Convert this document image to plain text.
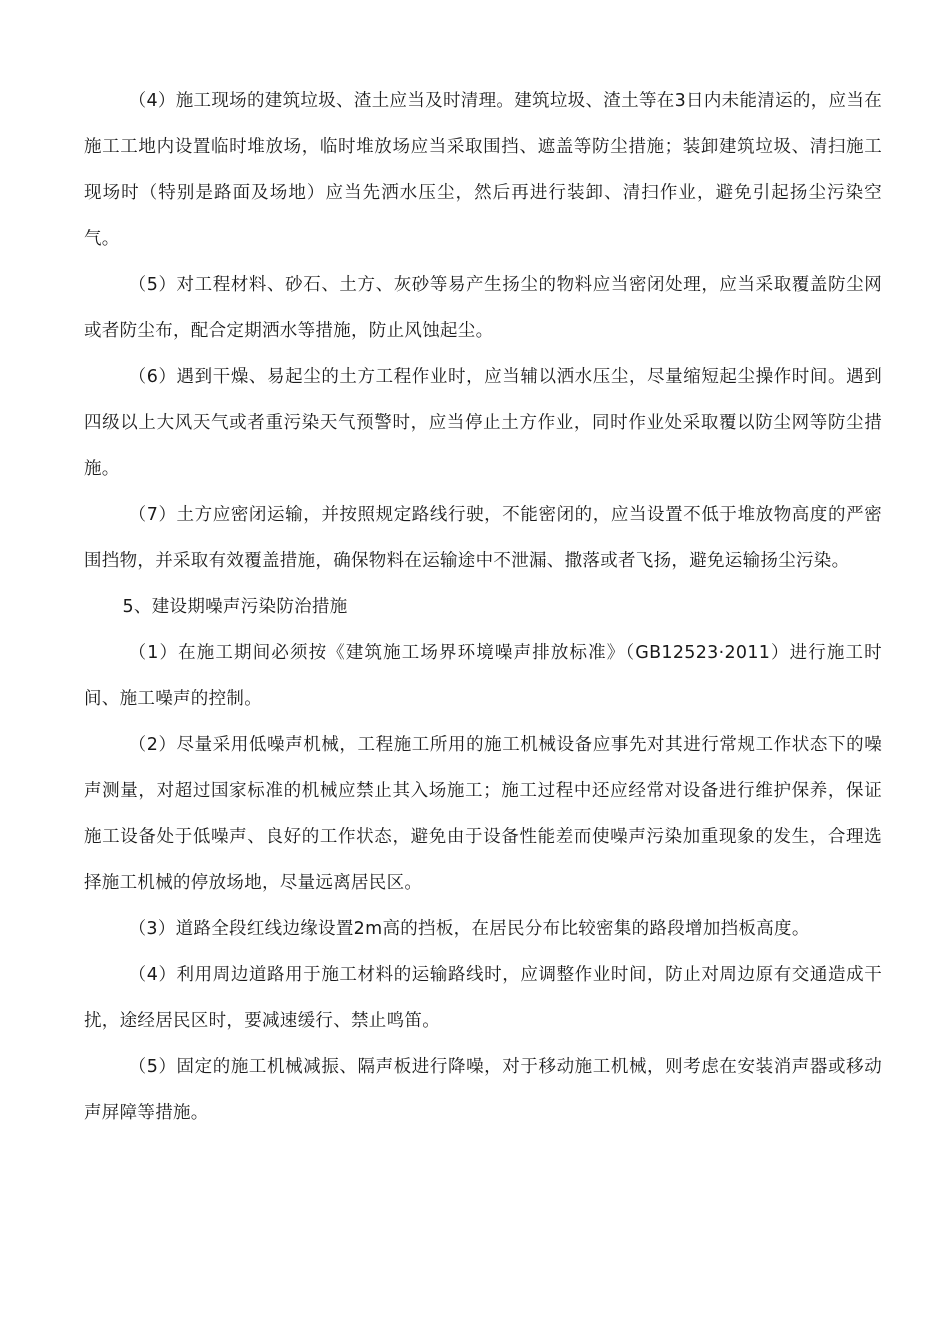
（4）施工现场的建筑垃圾、渣土应当及时清理。建筑垃圾、渣土等在3日内未能清运的，应当在施工工地内设置临时堆放场，临时堆放场应当采取围挡、遮盖等防尘措施；装卸建筑垃圾、清扫施工现场时（特别是路面及场地）应当先洒水压尘，然后再进行装卸、清扫作业，避免引起扬尘污染空气。

（5）对工程材料、砂石、土方、灰砂等易产生扬尘的物料应当密闭处理，应当采取覆盖防尘网或者防尘布，配合定期洒水等措施，防止风蚀起尘。

（6）遇到干燥、易起尘的土方工程作业时，应当辅以洒水压尘，尽量缩短起尘操作时间。遇到四级以上大风天气或者重污染天气预警时，应当停止土方作业，同时作业处采取覆以防尘网等防尘措施。

（7）土方应密闭运输，并按照规定路线行驶，不能密闭的，应当设置不低于堆放物高度的严密围挡物，并采取有效覆盖措施，确保物料在运输途中不泄漏、撒落或者飞扬，避免运输扬尘污染。

5、建设期噪声污染防治措施

（1）在施工期间必须按《建筑施工场界环境噪声排放标准》（GB12523·2011）进行施工时间、施工噪声的控制。

（2）尽量采用低噪声机械，工程施工所用的施工机械设备应事先对其进行常规工作状态下的噪声测量，对超过国家标准的机械应禁止其入场施工；施工过程中还应经常对设备进行维护保养，保证施工设备处于低噪声、良好的工作状态，避免由于设备性能差而使噪声污染加重现象的发生，合理选择施工机械的停放场地，尽量远离居民区。

（3）道路全段红线边缘设置2m高的挡板，在居民分布比较密集的路段增加挡板高度。

（4）利用周边道路用于施工材料的运输路线时，应调整作业时间，防止对周边原有交通造成干扰，途经居民区时，要减速缓行、禁止鸣笛。

（5）固定的施工机械减振、隔声板进行降噪，对于移动施工机械，则考虑在安装消声器或移动声屏障等措施。
